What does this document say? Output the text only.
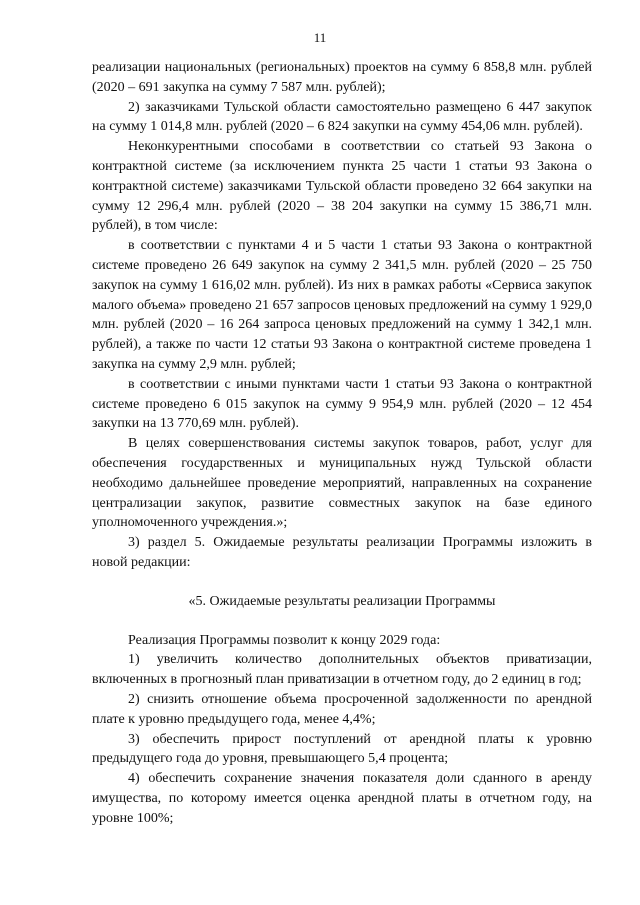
11

реализации национальных (региональных) проектов на сумму 6 858,8 млн. рублей (2020 – 691 закупка на сумму 7 587 млн. рублей);

2) заказчиками Тульской области самостоятельно размещено 6 447 закупок на сумму 1 014,8 млн. рублей (2020 – 6 824 закупки на сумму 454,06 млн. рублей).

Неконкурентными способами в соответствии со статьей 93 Закона о контрактной системе (за исключением пункта 25 части 1 статьи 93 Закона о контрактной системе) заказчиками Тульской области проведено 32 664 закупки на сумму 12 296,4 млн. рублей (2020 – 38 204 закупки на сумму 15 386,71 млн. рублей), в том числе:

в соответствии с пунктами 4 и 5 части 1 статьи 93 Закона о контрактной системе проведено 26 649 закупок на сумму 2 341,5 млн. рублей (2020 – 25 750 закупок на сумму 1 616,02 млн. рублей). Из них в рамках работы «Сервиса закупок малого объема» проведено 21 657 запросов ценовых предложений на сумму 1 929,0 млн. рублей (2020 – 16 264 запроса ценовых предложений на сумму 1 342,1 млн. рублей), а также по части 12 статьи 93 Закона о контрактной системе проведена 1 закупка на сумму 2,9 млн. рублей;

в соответствии с иными пунктами части 1 статьи 93 Закона о контрактной системе проведено 6 015 закупок на сумму 9 954,9 млн. рублей (2020 – 12 454 закупки на 13 770,69 млн. рублей).

В целях совершенствования системы закупок товаров, работ, услуг для обеспечения государственных и муниципальных нужд Тульской области необходимо дальнейшее проведение мероприятий, направленных на сохранение централизации закупок, развитие совместных закупок на базе единого уполномоченного учреждения.»;

3) раздел 5. Ожидаемые результаты реализации Программы изложить в новой редакции:

«5. Ожидаемые результаты реализации Программы

Реализация Программы позволит к концу 2029 года:

1) увеличить количество дополнительных объектов приватизации, включенных в прогнозный план приватизации в отчетном году, до 2 единиц в год;

2) снизить отношение объема просроченной задолженности по арендной плате к уровню предыдущего года, менее 4,4%;

3) обеспечить прирост поступлений от арендной платы к уровню предыдущего года до уровня, превышающего 5,4 процента;

4) обеспечить сохранение значения показателя доли сданного в аренду имущества, по которому имеется оценка арендной платы в отчетном году, на уровне 100%;
